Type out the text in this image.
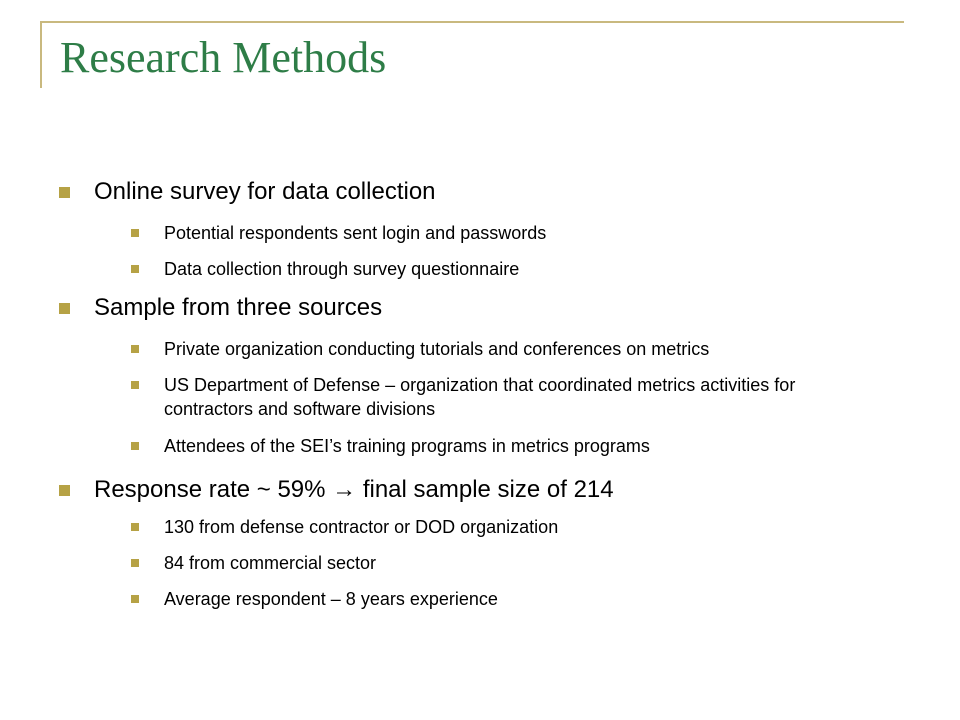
Research Methods
Online survey for data collection
Potential respondents sent login and passwords
Data collection through survey questionnaire
Sample from three sources
Private organization conducting tutorials and conferences on metrics
US Department of Defense – organization that coordinated metrics activities for contractors and software divisions
Attendees of the SEI’s training programs in metrics programs
Response rate ~ 59% → final sample size of 214
130 from defense contractor or DOD organization
84 from commercial sector
Average respondent – 8 years experience
